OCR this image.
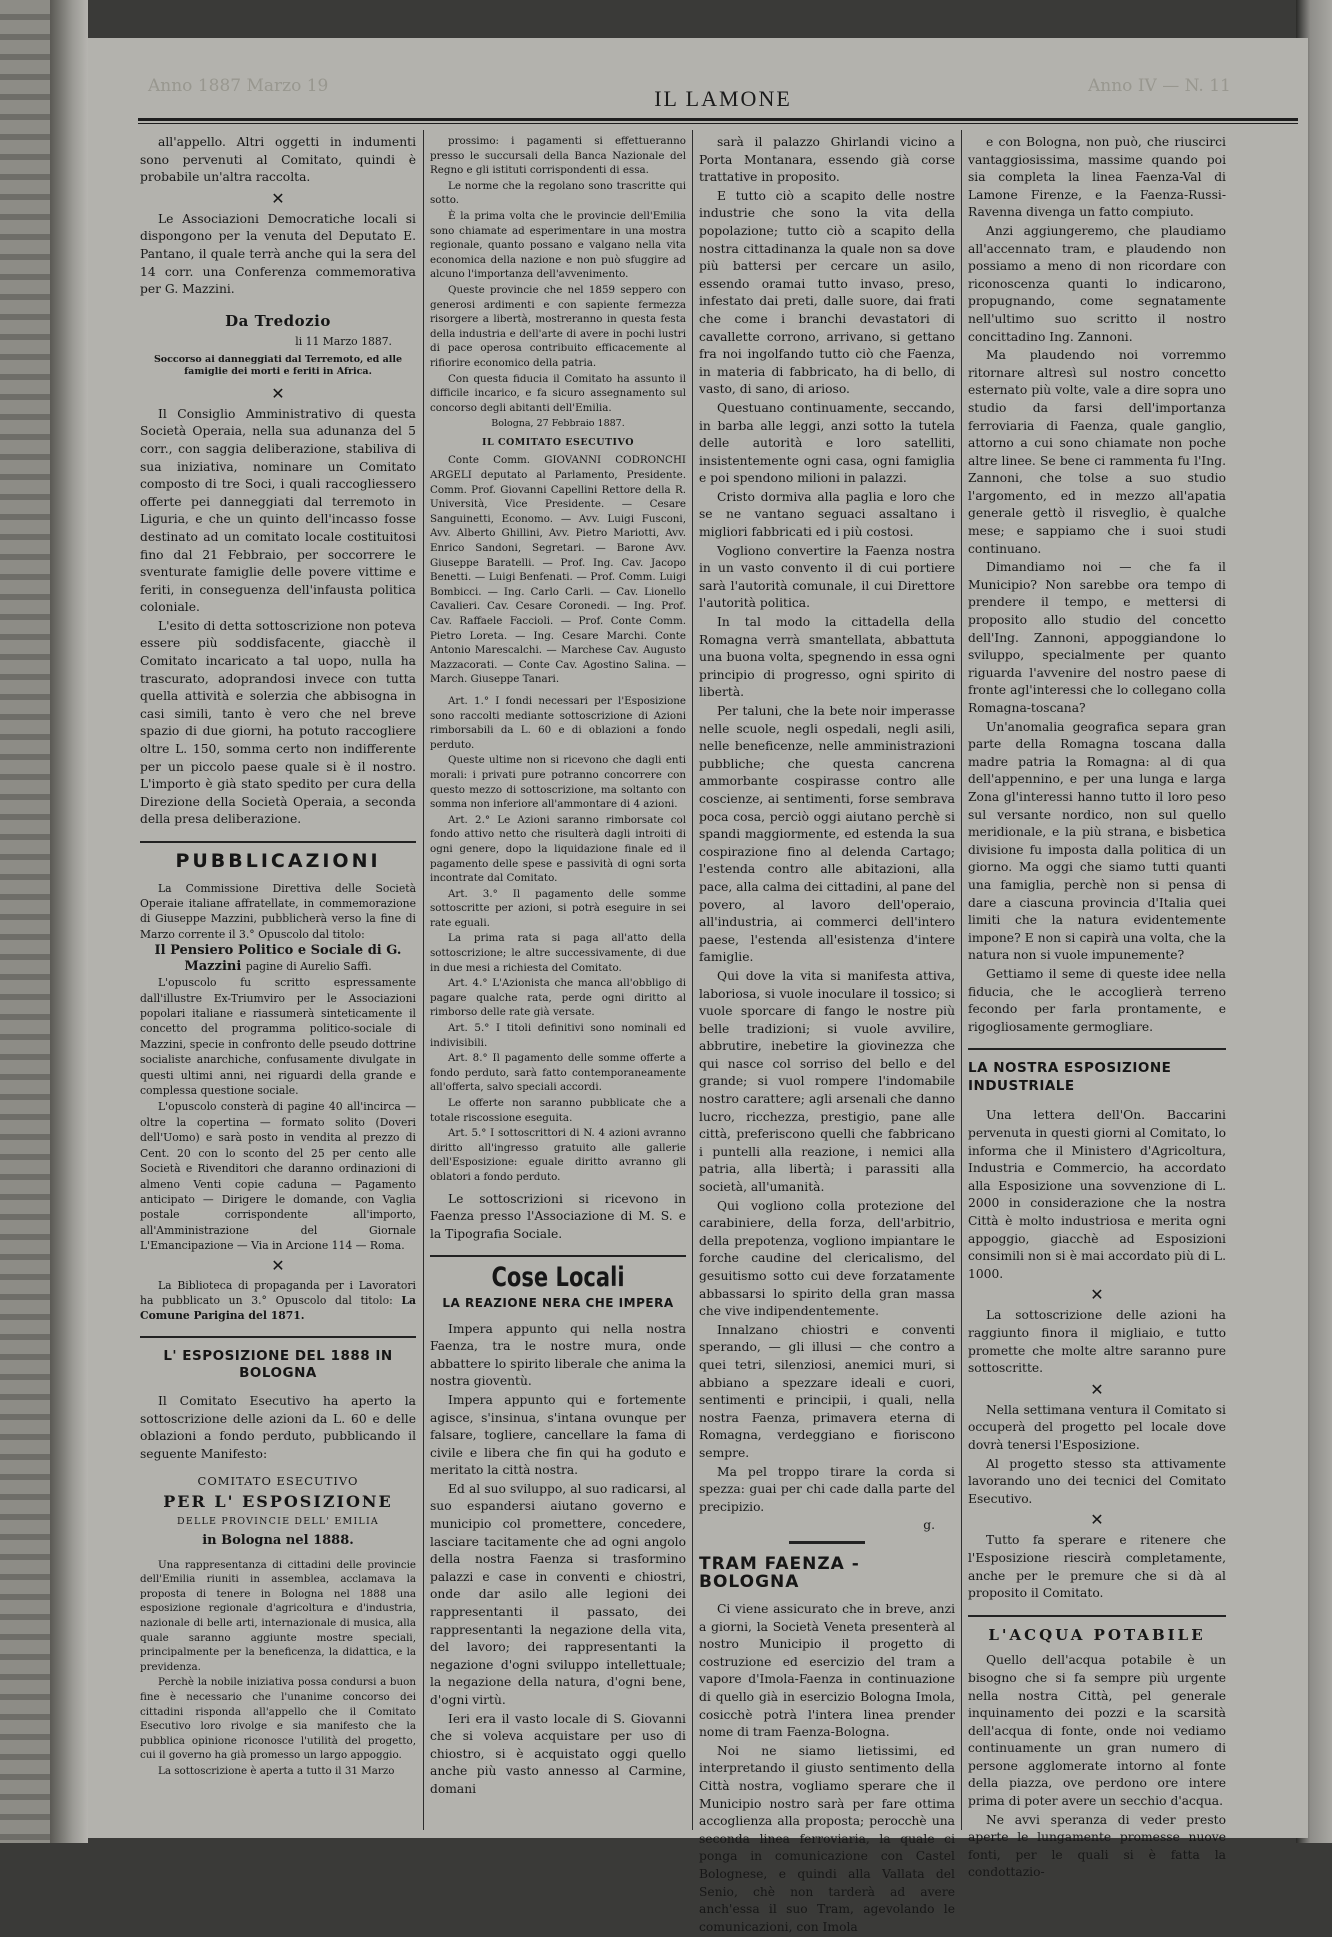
Anno 1887 Marzo 19	Anno IV — N. 11
IL LAMONE

all'appello. Altri oggetti in indumenti sono pervenuti al Comitato, quindi è probabile un'altra raccolta.

✕

Le Associazioni Democratiche locali si dispongono per la venuta del Deputato E. Pantano, il quale terrà anche qui la sera del 14 corr. una Conferenza commemorativa per G. Mazzini.

Da Tredozio
li 11 Marzo 1887.
Soccorso ai danneggiati dal Terremoto, ed alle famiglie dei morti e feriti in Africa.
✕

Il Consiglio Amministrativo di questa Società Operaia, nella sua adunanza del 5 corr., con saggia deliberazione, stabiliva di sua iniziativa, nominare un Comitato composto di tre Soci, i quali raccogliessero offerte pei danneggiati dal terremoto in Liguria, e che un quinto dell'incasso fosse destinato ad un comitato locale costituitosi fino dal 21 Febbraio, per soccorrere le sventurate famiglie delle povere vittime e feriti, in conseguenza dell'infausta politica coloniale.

L'esito di detta sottoscrizione non poteva essere più soddisfacente, giacchè il Comitato incaricato a tal uopo, nulla ha trascurato, adoprandosi invece con tutta quella attività e solerzia che abbisogna in casi simili, tanto è vero che nel breve spazio di due giorni, ha potuto raccogliere oltre L. 150, somma certo non indifferente per un piccolo paese quale si è il nostro. L'importo è già stato spedito per cura della Direzione della Società Operaia, a seconda della presa deliberazione.

PUBBLICAZIONI

La Commissione Direttiva delle Società Operaie italiane affratellate, in commemorazione di Giuseppe Mazzini, pubblicherà verso la fine di Marzo corrente il 3.° Opuscolo dal titolo:

Il Pensiero Politico e Sociale di G. Mazzini pagine di Aurelio Saffi.

L'opuscolo fu scritto espressamente dall'illustre Ex-Triumviro per le Associazioni popolari italiane e riassumerà sinteticamente il concetto del programma politico-sociale di Mazzini, specie in confronto delle pseudo dottrine socialiste anarchiche, confusamente divulgate in questi ultimi anni, nei riguardi della grande e complessa questione sociale.

L'opuscolo consterà di pagine 40 all'incirca — oltre la copertina — formato solito (Doveri dell'Uomo) e sarà posto in vendita al prezzo di Cent. 20 con lo sconto del 25 per cento alle Società e Rivenditori che daranno ordinazioni di almeno Venti copie caduna — Pagamento anticipato — Dirigere le domande, con Vaglia postale corrispondente all'importo, all'Amministrazione del Giornale L'Emancipazione — Via in Arcione 114 — Roma.

✕

La Biblioteca di propaganda per i Lavoratori ha pubblicato un 3.° Opuscolo dal titolo: La Comune Parigina del 1871.

L' ESPOSIZIONE DEL 1888 IN BOLOGNA

Il Comitato Esecutivo ha aperto la sottoscrizione delle azioni da L. 60 e delle oblazioni a fondo perduto, pubblicando il seguente Manifesto:

COMITATO ESECUTIVO
PER L' ESPOSIZIONE
DELLE PROVINCIE DELL' EMILIA
in Bologna nel 1888.

Una rappresentanza di cittadini delle provincie dell'Emilia riuniti in assemblea, acclamava la proposta di tenere in Bologna nel 1888 una esposizione regionale d'agricoltura e d'industria, nazionale di belle arti, internazionale di musica, alla quale saranno aggiunte mostre speciali, principalmente per la beneficenza, la didattica, e la previdenza.

Perchè la nobile iniziativa possa condursi a buon fine è necessario che l'unanime concorso dei cittadini risponda all'appello che il Comitato Esecutivo loro rivolge e sia manifesto che la pubblica opinione riconosce l'utilità del progetto, cui il governo ha già promesso un largo appoggio.

La sottoscrizione è aperta a tutto il 31 Marzo

prossimo: i pagamenti si effettueranno presso le succursali della Banca Nazionale del Regno e gli istituti corrispondenti di essa.

Le norme che la regolano sono trascritte qui sotto.

È la prima volta che le provincie dell'Emilia sono chiamate ad esperimentare in una mostra regionale, quanto possano e valgano nella vita economica della nazione e non può sfuggire ad alcuno l'importanza dell'avvenimento.

Queste provincie che nel 1859 seppero con generosi ardimenti e con sapiente fermezza risorgere a libertà, mostreranno in questa festa della industria e dell'arte di avere in pochi lustri di pace operosa contribuito efficacemente al rifiorire economico della patria.

Con questa fiducia il Comitato ha assunto il difficile incarico, e fa sicuro assegnamento sul concorso degli abitanti dell'Emilia.

Bologna, 27 Febbraio 1887.
IL COMITATO ESECUTIVO

Conte Comm. GIOVANNI CODRONCHI ARGELI deputato al Parlamento, Presidente. Comm. Prof. Giovanni Capellini Rettore della R. Università, Vice Presidente. — Cesare Sanguinetti, Economo. — Avv. Luigi Fusconi, Avv. Alberto Ghillini, Avv. Pietro Mariotti, Avv. Enrico Sandoni, Segretari. — Barone Avv. Giuseppe Baratelli. — Prof. Ing. Cav. Jacopo Benetti. — Luigi Benfenati. — Prof. Comm. Luigi Bombicci. — Ing. Carlo Carli. — Cav. Lionello Cavalieri. Cav. Cesare Coronedi. — Ing. Prof. Cav. Raffaele Faccioli. — Prof. Conte Comm. Pietro Loreta. — Ing. Cesare Marchi. Conte Antonio Marescalchi. — Marchese Cav. Augusto Mazzacorati. — Conte Cav. Agostino Salina. — March. Giuseppe Tanari.

Art. 1.° I fondi necessari per l'Esposizione sono raccolti mediante sottoscrizione di Azioni rimborsabili da L. 60 e di oblazioni a fondo perduto.

Queste ultime non si ricevono che dagli enti morali: i privati pure potranno concorrere con questo mezzo di sottoscrizione, ma soltanto con somma non inferiore all'ammontare di 4 azioni.

Art. 2.° Le Azioni saranno rimborsate col fondo attivo netto che risulterà dagli introiti di ogni genere, dopo la liquidazione finale ed il pagamento delle spese e passività di ogni sorta incontrate dal Comitato.

Art. 3.° Il pagamento delle somme sottoscritte per azioni, si potrà eseguire in sei rate eguali.

La prima rata si paga all'atto della sottoscrizione; le altre successivamente, di due in due mesi a richiesta del Comitato.

Art. 4.° L'Azionista che manca all'obbligo di pagare qualche rata, perde ogni diritto al rimborso delle rate già versate.

Art. 5.° I titoli definitivi sono nominali ed indivisibili.

Art. 8.° Il pagamento delle somme offerte a fondo perduto, sarà fatto contemporaneamente all'offerta, salvo speciali accordi.

Le offerte non saranno pubblicate che a totale riscossione eseguita.

Art. 5.° I sottoscrittori di N. 4 azioni avranno diritto all'ingresso gratuito alle gallerie dell'Esposizione: eguale diritto avranno gli oblatori a fondo perduto.

Le sottoscrizioni si ricevono in Faenza presso l'Associazione di M. S. e la Tipografia Sociale.

Cose Locali
LA REAZIONE NERA CHE IMPERA

Impera appunto qui nella nostra Faenza, tra le nostre mura, onde abbattere lo spirito liberale che anima la nostra gioventù.

Impera appunto qui e fortemente agisce, s'insinua, s'intana ovunque per falsare, togliere, cancellare la fama di civile e libera che fin qui ha goduto e meritato la città nostra.

Ed al suo sviluppo, al suo radicarsi, al suo espandersi aiutano governo e municipio col promettere, concedere, lasciare tacitamente che ad ogni angolo della nostra Faenza si trasformino palazzi e case in conventi e chiostri, onde dar asilo alle legioni dei rappresentanti il passato, dei rappresentanti la negazione della vita, del lavoro; dei rappresentanti la negazione d'ogni sviluppo intellettuale; la negazione della natura, d'ogni bene, d'ogni virtù.

Ieri era il vasto locale di S. Giovanni che si voleva acquistare per uso di chiostro, si è acquistato oggi quello anche più vasto annesso al Carmine, domani

sarà il palazzo Ghirlandi vicino a Porta Montanara, essendo già corse trattative in proposito.

E tutto ciò a scapito delle nostre industrie che sono la vita della popolazione; tutto ciò a scapito della nostra cittadinanza la quale non sa dove più battersi per cercare un asilo, essendo oramai tutto invaso, preso, infestato dai preti, dalle suore, dai frati che come i branchi devastatori di cavallette corrono, arrivano, si gettano fra noi ingolfando tutto ciò che Faenza, in materia di fabbricato, ha di bello, di vasto, di sano, di arioso.

Questuano continuamente, seccando, in barba alle leggi, anzi sotto la tutela delle autorità e loro satelliti, insistentemente ogni casa, ogni famiglia e poi spendono milioni in palazzi.

Cristo dormiva alla paglia e loro che se ne vantano seguaci assaltano i migliori fabbricati ed i più costosi.

Vogliono convertire la Faenza nostra in un vasto convento il di cui portiere sarà l'autorità comunale, il cui Direttore l'autorità politica.

In tal modo la cittadella della Romagna verrà smantellata, abbattuta una buona volta, spegnendo in essa ogni principio di progresso, ogni spirito di libertà.

Per taluni, che la bete noir imperasse nelle scuole, negli ospedali, negli asili, nelle beneficenze, nelle amministrazioni pubbliche; che questa cancrena ammorbante cospirasse contro alle coscienze, ai sentimenti, forse sembrava poca cosa, perciò oggi aiutano perchè si spandi maggiormente, ed estenda la sua cospirazione fino al delenda Cartago; l'estenda contro alle abitazioni, alla pace, alla calma dei cittadini, al pane del povero, al lavoro dell'operaio, all'industria, ai commerci dell'intero paese, l'estenda all'esistenza d'intere famiglie.

Qui dove la vita si manifesta attiva, laboriosa, si vuole inoculare il tossico; si vuole sporcare di fango le nostre più belle tradizioni; si vuole avvilire, abbrutire, inebetire la giovinezza che qui nasce col sorriso del bello e del grande; si vuol rompere l'indomabile nostro carattere; agli arsenali che danno lucro, ricchezza, prestigio, pane alle città, preferiscono quelli che fabbricano i puntelli alla reazione, i nemici alla patria, alla libertà; i parassiti alla società, all'umanità.

Qui vogliono colla protezione del carabiniere, della forza, dell'arbitrio, della prepotenza, vogliono impiantare le forche caudine del clericalismo, del gesuitismo sotto cui deve forzatamente abbassarsi lo spirito della gran massa che vive indipendentemente.

Innalzano chiostri e conventi sperando, — gli illusi — che contro a quei tetri, silenziosi, anemici muri, si abbiano a spezzare ideali e cuori, sentimenti e principii, i quali, nella nostra Faenza, primavera eterna di Romagna, verdeggiano e fioriscono sempre.

Ma pel troppo tirare la corda si spezza: guai per chi cade dalla parte del precipizio.

g.
TRAM FAENZA - BOLOGNA

Ci viene assicurato che in breve, anzi a giorni, la Società Veneta presenterà al nostro Municipio il progetto di costruzione ed esercizio del tram a vapore d'Imola-Faenza in continuazione di quello già in esercizio Bologna Imola, cosicchè potrà l'intera linea prender nome di tram Faenza-Bologna.

Noi ne siamo lietissimi, ed interpretando il giusto sentimento della Città nostra, vogliamo sperare che il Municipio nostro sarà per fare ottima accoglienza alla proposta; perocchè una seconda linea ferroviaria, la quale ci ponga in comunicazione con Castel Bolognese, e quindi alla Vallata del Senio, chè non tarderà ad avere anch'essa il suo Tram, agevolando le comunicazioni, con Imola

e con Bologna, non può, che riuscirci vantaggiosissima, massime quando poi sia completa la linea Faenza-Val di Lamone Firenze, e la Faenza-Russi-Ravenna divenga un fatto compiuto.

Anzi aggiungeremo, che plaudiamo all'accennato tram, e plaudendo non possiamo a meno di non ricordare con riconoscenza quanti lo indicarono, propugnando, come segnatamente nell'ultimo suo scritto il nostro concittadino Ing. Zannoni.

Ma plaudendo noi vorremmo ritornare altresì sul nostro concetto esternato più volte, vale a dire sopra uno studio da farsi dell'importanza ferroviaria di Faenza, quale ganglio, attorno a cui sono chiamate non poche altre linee. Se bene ci rammenta fu l'Ing. Zannoni, che tolse a suo studio l'argomento, ed in mezzo all'apatia generale gettò il risveglio, è qualche mese; e sappiamo che i suoi studi continuano.

Dimandiamo noi — che fa il Municipio? Non sarebbe ora tempo di prendere il tempo, e mettersi di proposito allo studio del concetto dell'Ing. Zannoni, appoggiandone lo sviluppo, specialmente per quanto riguarda l'avvenire del nostro paese di fronte agl'interessi che lo collegano colla Romagna-toscana?

Un'anomalia geografica separa gran parte della Romagna toscana dalla madre patria la Romagna: al di qua dell'appennino, e per una lunga e larga Zona gl'interessi hanno tutto il loro peso sul versante nordico, non sul quello meridionale, e la più strana, e bisbetica divisione fu imposta dalla politica di un giorno. Ma oggi che siamo tutti quanti una famiglia, perchè non si pensa di dare a ciascuna provincia d'Italia quei limiti che la natura evidentemente impone? E non si capirà una volta, che la natura non si vuole impunemente?

Gettiamo il seme di queste idee nella fiducia, che le accoglierà terreno fecondo per farla prontamente, e rigogliosamente germogliare.

LA NOSTRA ESPOSIZIONE INDUSTRIALE

Una lettera dell'On. Baccarini pervenuta in questi giorni al Comitato, lo informa che il Ministero d'Agricoltura, Industria e Commercio, ha accordato alla Esposizione una sovvenzione di L. 2000 in considerazione che la nostra Città è molto industriosa e merita ogni appoggio, giacchè ad Esposizioni consimili non si è mai accordato più di L. 1000.

✕

La sottoscrizione delle azioni ha raggiunto finora il migliaio, e tutto promette che molte altre saranno pure sottoscritte.

✕

Nella settimana ventura il Comitato si occuperà del progetto pel locale dove dovrà tenersi l'Esposizione.

Al progetto stesso sta attivamente lavorando uno dei tecnici del Comitato Esecutivo.

✕

Tutto fa sperare e ritenere che l'Esposizione riescirà completamente, anche per le premure che si dà al proposito il Comitato.

L'ACQUA POTABILE

Quello dell'acqua potabile è un bisogno che si fa sempre più urgente nella nostra Città, pel generale inquinamento dei pozzi e la scarsità dell'acqua di fonte, onde noi vediamo continuamente un gran numero di persone agglomerate intorno al fonte della piazza, ove perdono ore intere prima di poter avere un secchio d'acqua.

Ne avvi speranza di veder presto aperte le lungamente promesse nuove fonti, per le quali si è fatta la condottazio-
